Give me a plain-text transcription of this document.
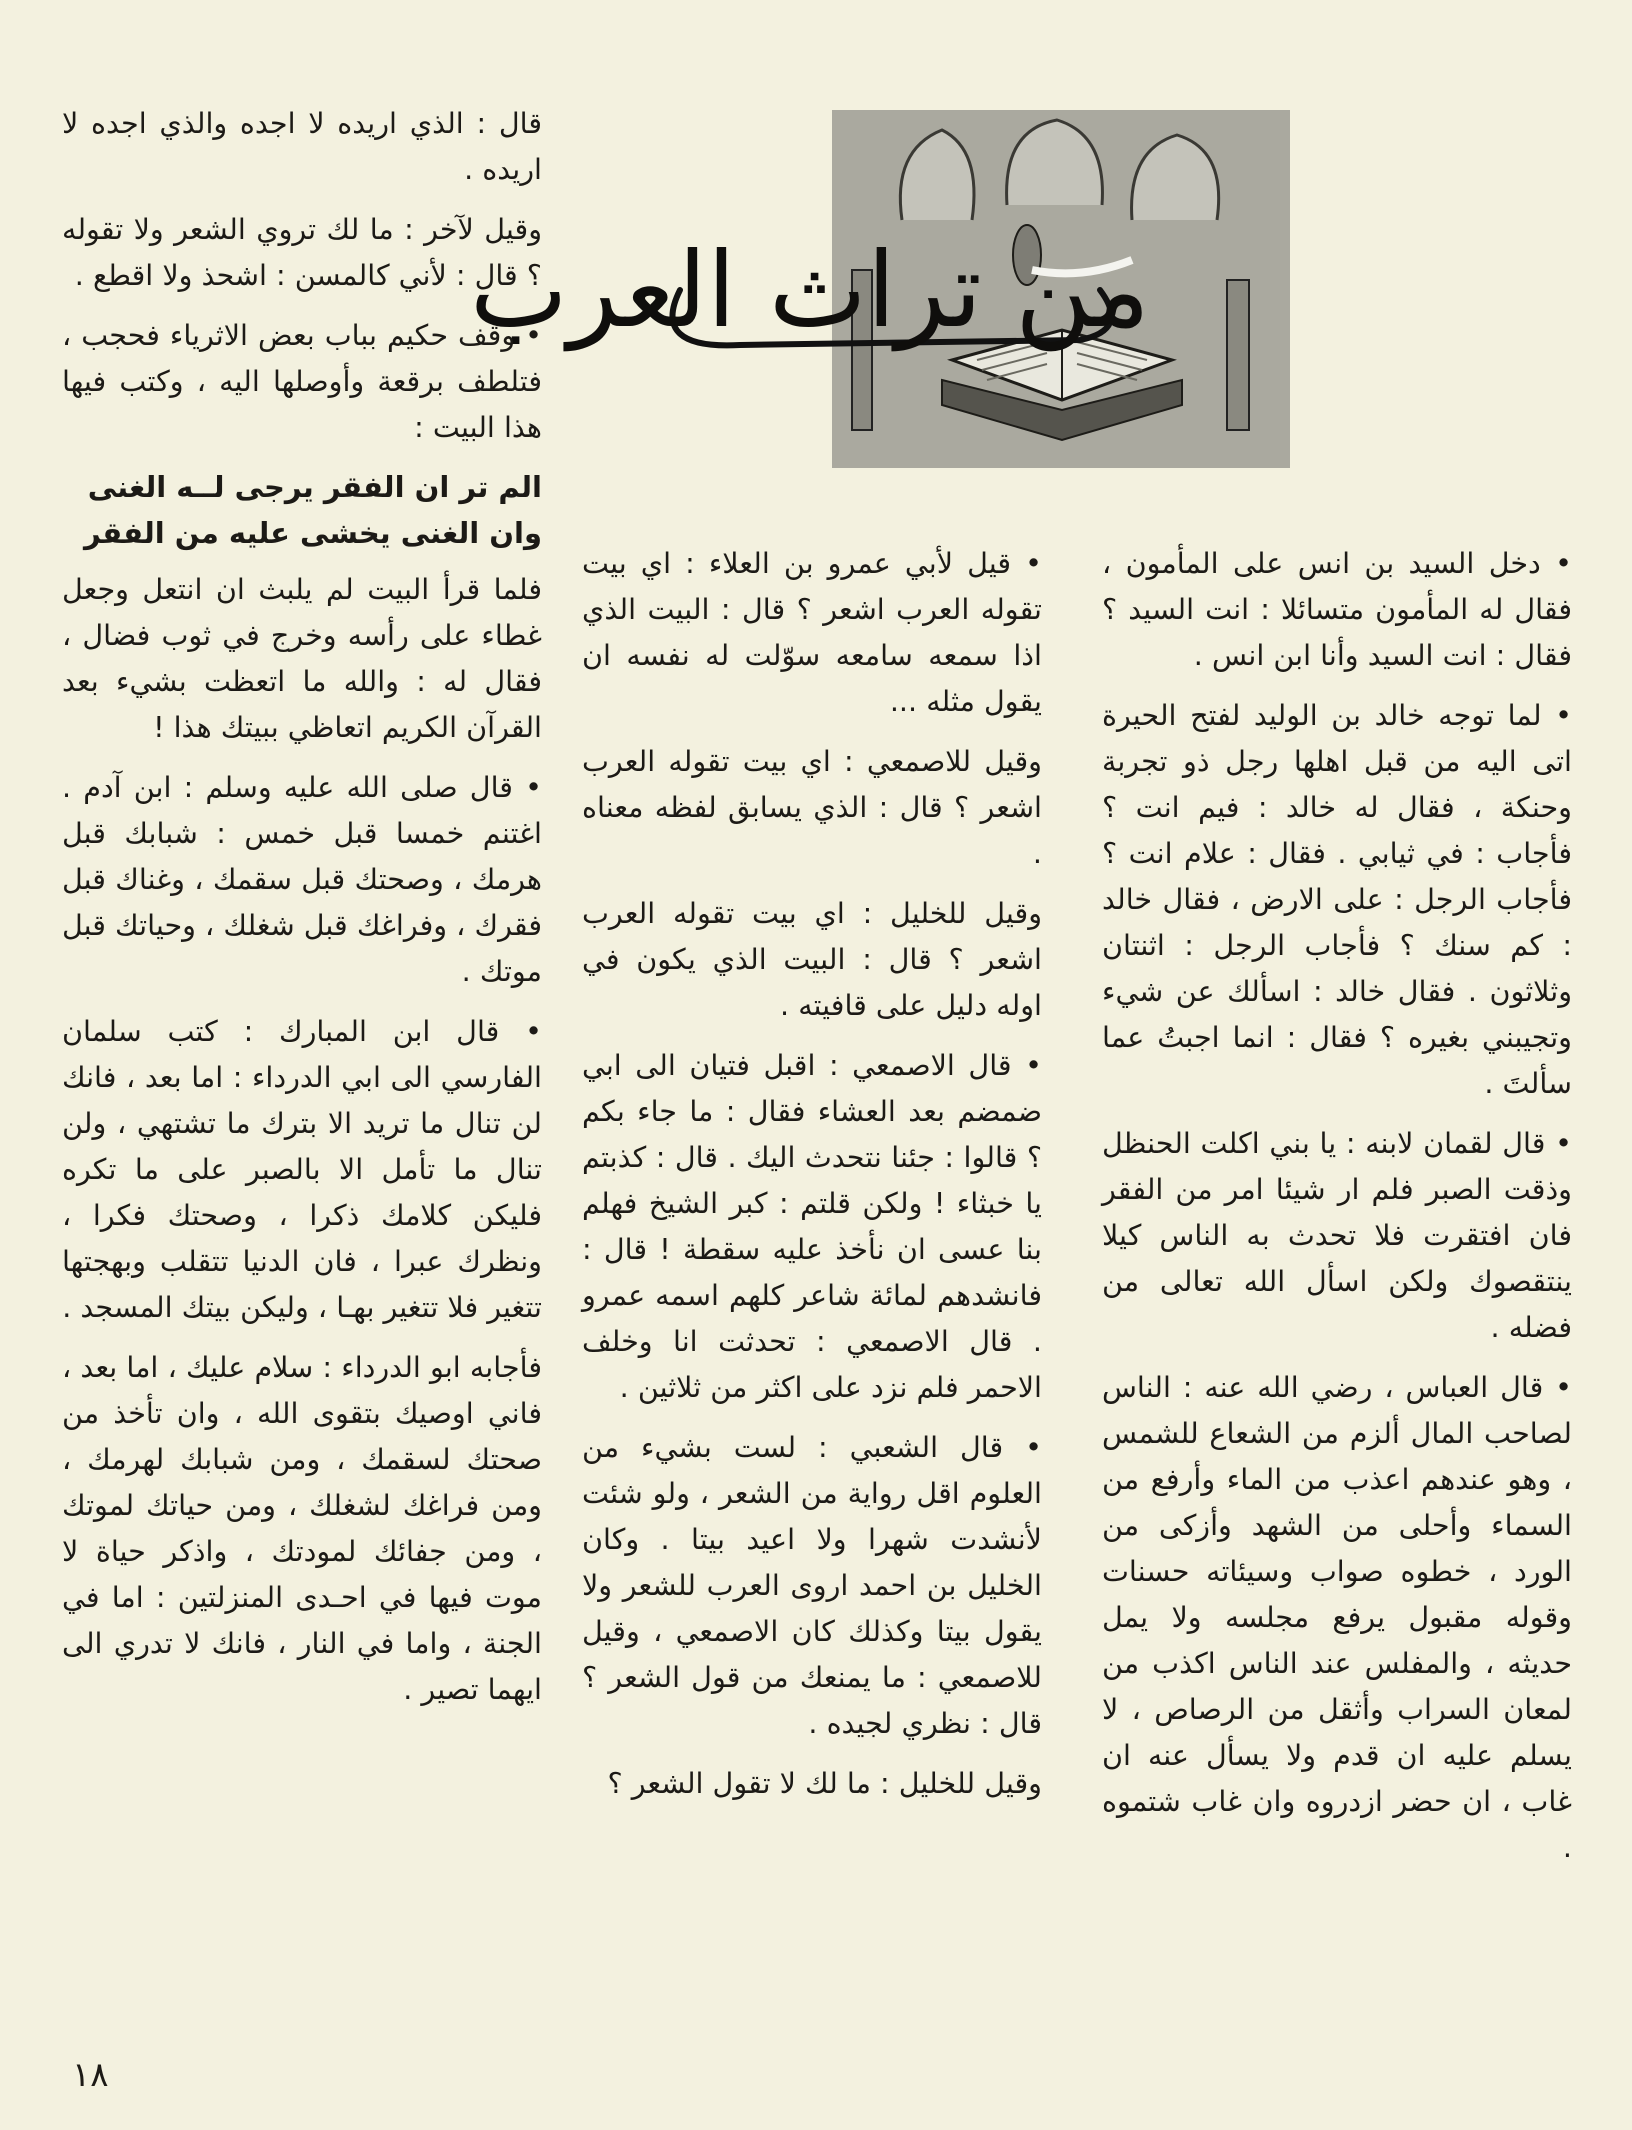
من تراث العرب

• دخل السيد بن انس على المأمون ، فقال له المأمون متسائلا : انت السيد ؟ فقال : انت السيد وأنا ابن انس .

• لما توجه خالد بن الوليد لفتح الحيرة اتى اليه من قبل اهلها رجل ذو تجربة وحنكة ، فقال له خالد : فيم انت ؟ فأجاب : في ثيابي . فقال : علام انت ؟ فأجاب الرجل : على الارض ، فقال خالد : كم سنك ؟ فأجاب الرجل : اثنتان وثلاثون . فقال خالد : اسألك عن شيء وتجيبني بغيره ؟ فقال : انما اجبتُ عما سألتَ .

• قال لقمان لابنه : يا بني اكلت الحنظل وذقت الصبر فلم ار شيئا امر من الفقر فان افتقرت فلا تحدث به الناس كيلا ينتقصوك ولكن اسأل الله تعالى من فضله .

• قال العباس ، رضي الله عنه : الناس لصاحب المال ألزم من الشعاع للشمس ، وهو عندهم اعذب من الماء وأرفع من السماء وأحلى من الشهد وأزكى من الورد ، خطوه صواب وسيئاته حسنات وقوله مقبول يرفع مجلسه ولا يمل حديثه ، والمفلس عند الناس اكذب من لمعان السراب وأثقل من الرصاص ، لا يسلم عليه ان قدم ولا يسأل عنه ان غاب ، ان حضر ازدروه وان غاب شتموه .

• قيل لأبي عمرو بن العلاء : اي بيت تقوله العرب اشعر ؟ قال : البيت الذي اذا سمعه سامعه سوّلت له نفسه ان يقول مثله ...

وقيل للاصمعي : اي بيت تقوله العرب اشعر ؟ قال : الذي يسابق لفظه معناه .

وقيل للخليل : اي بيت تقوله العرب اشعر ؟ قال : البيت الذي يكون في اوله دليل على قافيته .

• قال الاصمعي : اقبل فتيان الى ابي ضمضم بعد العشاء فقال : ما جاء بكم ؟ قالوا : جئنا نتحدث اليك . قال : كذبتم يا خبثاء ! ولكن قلتم : كبر الشيخ فهلم بنا عسى ان نأخذ عليه سقطة ! قال : فانشدهم لمائة شاعر كلهم اسمه عمرو . قال الاصمعي : تحدثت انا وخلف الاحمر فلم نزد على اكثر من ثلاثين .

• قال الشعبي : لست بشيء من العلوم اقل رواية من الشعر ، ولو شئت لأنشدت شهرا ولا اعيد بيتا . وكان الخليل بن احمد اروى العرب للشعر ولا يقول بيتا وكذلك كان الاصمعي ، وقيل للاصمعي : ما يمنعك من قول الشعر ؟ قال : نظري لجيده .

وقيل للخليل : ما لك لا تقول الشعر ؟

قال : الذي اريده لا اجده والذي اجده لا اريده .

وقيل لآخر : ما لك تروي الشعر ولا تقوله ؟ قال : لأني كالمسن : اشحذ ولا اقطع .

• وقف حكيم بباب بعض الاثرياء فحجب ، فتلطف برقعة وأوصلها اليه ، وكتب فيها هذا البيت :

الم تر ان الفقر يرجى لــه الغنى

وان الغنى يخشى عليه من الفقر

فلما قرأ البيت لم يلبث ان انتعل وجعل غطاء على رأسه وخرج في ثوب فضال ، فقال له : والله ما اتعظت بشيء بعد القرآن الكريم اتعاظي ببيتك هذا !

• قال صلى الله عليه وسلم : ابن آدم . اغتنم خمسا قبل خمس : شبابك قبل هرمك ، وصحتك قبل سقمك ، وغناك قبل فقرك ، وفراغك قبل شغلك ، وحياتك قبل موتك .

• قال ابن المبارك : كتب سلمان الفارسي الى ابي الدرداء : اما بعد ، فانك لن تنال ما تريد الا بترك ما تشتهي ، ولن تنال ما تأمل الا بالصبر على ما تكره فليكن كلامك ذكرا ، وصحتك فكرا ، ونظرك عبرا ، فان الدنيا تتقلب وبهجتها تتغير فلا تتغير بهـا ، وليكن بيتك المسجد .

فأجابه ابو الدرداء : سلام عليك ، اما بعد ، فاني اوصيك بتقوى الله ، وان تأخذ من صحتك لسقمك ، ومن شبابك لهرمك ، ومن فراغك لشغلك ، ومن حياتك لموتك ، ومن جفائك لمودتك ، واذكر حياة لا موت فيها في احـدى المنزلتين : اما في الجنة ، واما في النار ، فانك لا تدري الى ايهما تصير .

١٨
